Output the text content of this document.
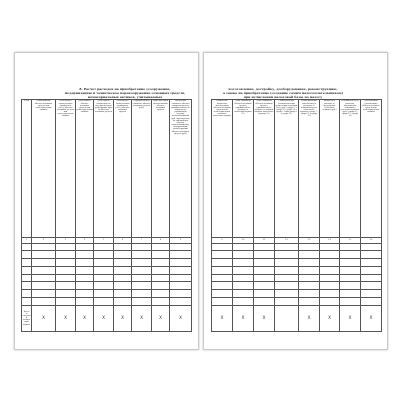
8. Расчет расходов на приобретение (сооружение,
модернизацию и техническое перевооружение основных средств,
нематериальных активов, учитываемых
№ п/п	Наименование объекта основных средств или нематериальных активов	Дата ввода в эксплуатацию (принятия к учету) объекта основных средств или нематериальных активов	Дата оплаты объекта основных средств или нематериальных активов	Дата подачи документов на государственную регистрацию прав на объекты основных средств	Дата ввода в эксплуатацию (принятия к учету) объекта основных средств	Первоначальная стоимость объекта основных средств (руб.)	Срок полезного использования объекта основных средств	Остаточная стоимость объекта основных средств, приобретенного до перехода на упрощенную систему налогообложения (руб.) при переходе на упрощенную систему налогообложения, модернизации, реконструкции объекта основных средств (руб.)
1	2	3	4	5	6	7	8	9

Всего за отчетный (налоговый) период	X	X	X	X	X	X	X	X
изготовление, достройку, дооборудование, реконструкцию,
а также на приобретение (создание самим налогоплательщиком)
при исчислении налоговой базы по налогу
Количество кварталов эксплуатации объекта основных средств или нематериальных активов в налоговом периоде	Доля стоимости объекта основных средств, принимаемая в расходы за налоговый период (%)	Доля стоимости объекта основных средств, принимаемая в расходы за каждый квартал налогового периода (%)	Сумма расходов, учитываемая при исчислении налоговой базы (руб.) (графа 7 x графа 11 / графа 10 x графа 11 или графа 8 x графа 11)	Сумма расходов, учитываемая в расходах за каждый квартал налогового периода (графа 7 : графа 11 x графа 13)	Включено в расходы за предыдущие налоговые периоды (руб.)	Оставшаяся часть расходов, подлежащая списанию в отчетных периодах (руб.) (графа 8 - графа 13 - графа 14)	Дата выбытия (реализации) объекта основных средств или нематериальных активов
9	10	11	12	13	14	15	16

X	X	X		X	X	X	X
